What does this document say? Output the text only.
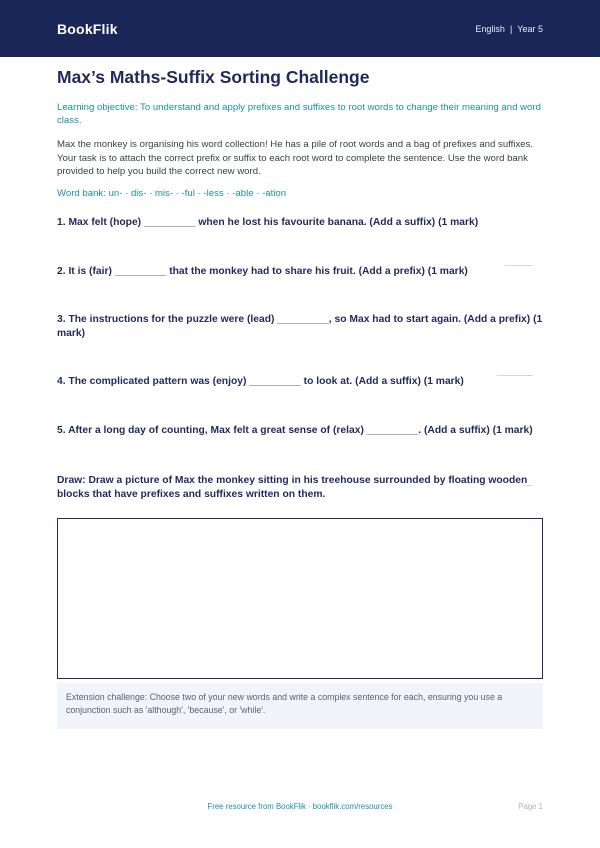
BookFlik	English | Year 5
Max’s Maths-Suffix Sorting Challenge
Learning objective: To understand and apply prefixes and suffixes to root words to change their meaning and word class.
Max the monkey is organising his word collection! He has a pile of root words and a bag of prefixes and suffixes. Your task is to attach the correct prefix or suffix to each root word to complete the sentence. Use the word bank provided to help you build the correct new word.
Word bank: un- · dis- · mis- · -ful · -less · -able · -ation
1. Max felt (hope) _________ when he lost his favourite banana. (Add a suffix) (1 mark)
2. It is (fair) _________ that the monkey had to share his fruit. (Add a prefix) (1 mark)
3. The instructions for the puzzle were (lead) _________, so Max had to start again. (Add a prefix) (1 mark)
4. The complicated pattern was (enjoy) _________ to look at. (Add a suffix) (1 mark)
5. After a long day of counting, Max felt a great sense of (relax) _________. (Add a suffix) (1 mark)
Draw: Draw a picture of Max the monkey sitting in his treehouse surrounded by floating wooden blocks that have prefixes and suffixes written on them.
Extension challenge: Choose two of your new words and write a complex sentence for each, ensuring you use a conjunction such as 'although', 'because', or 'while'.
Free resource from BookFlik · bookflik.com/resources	Page 1
